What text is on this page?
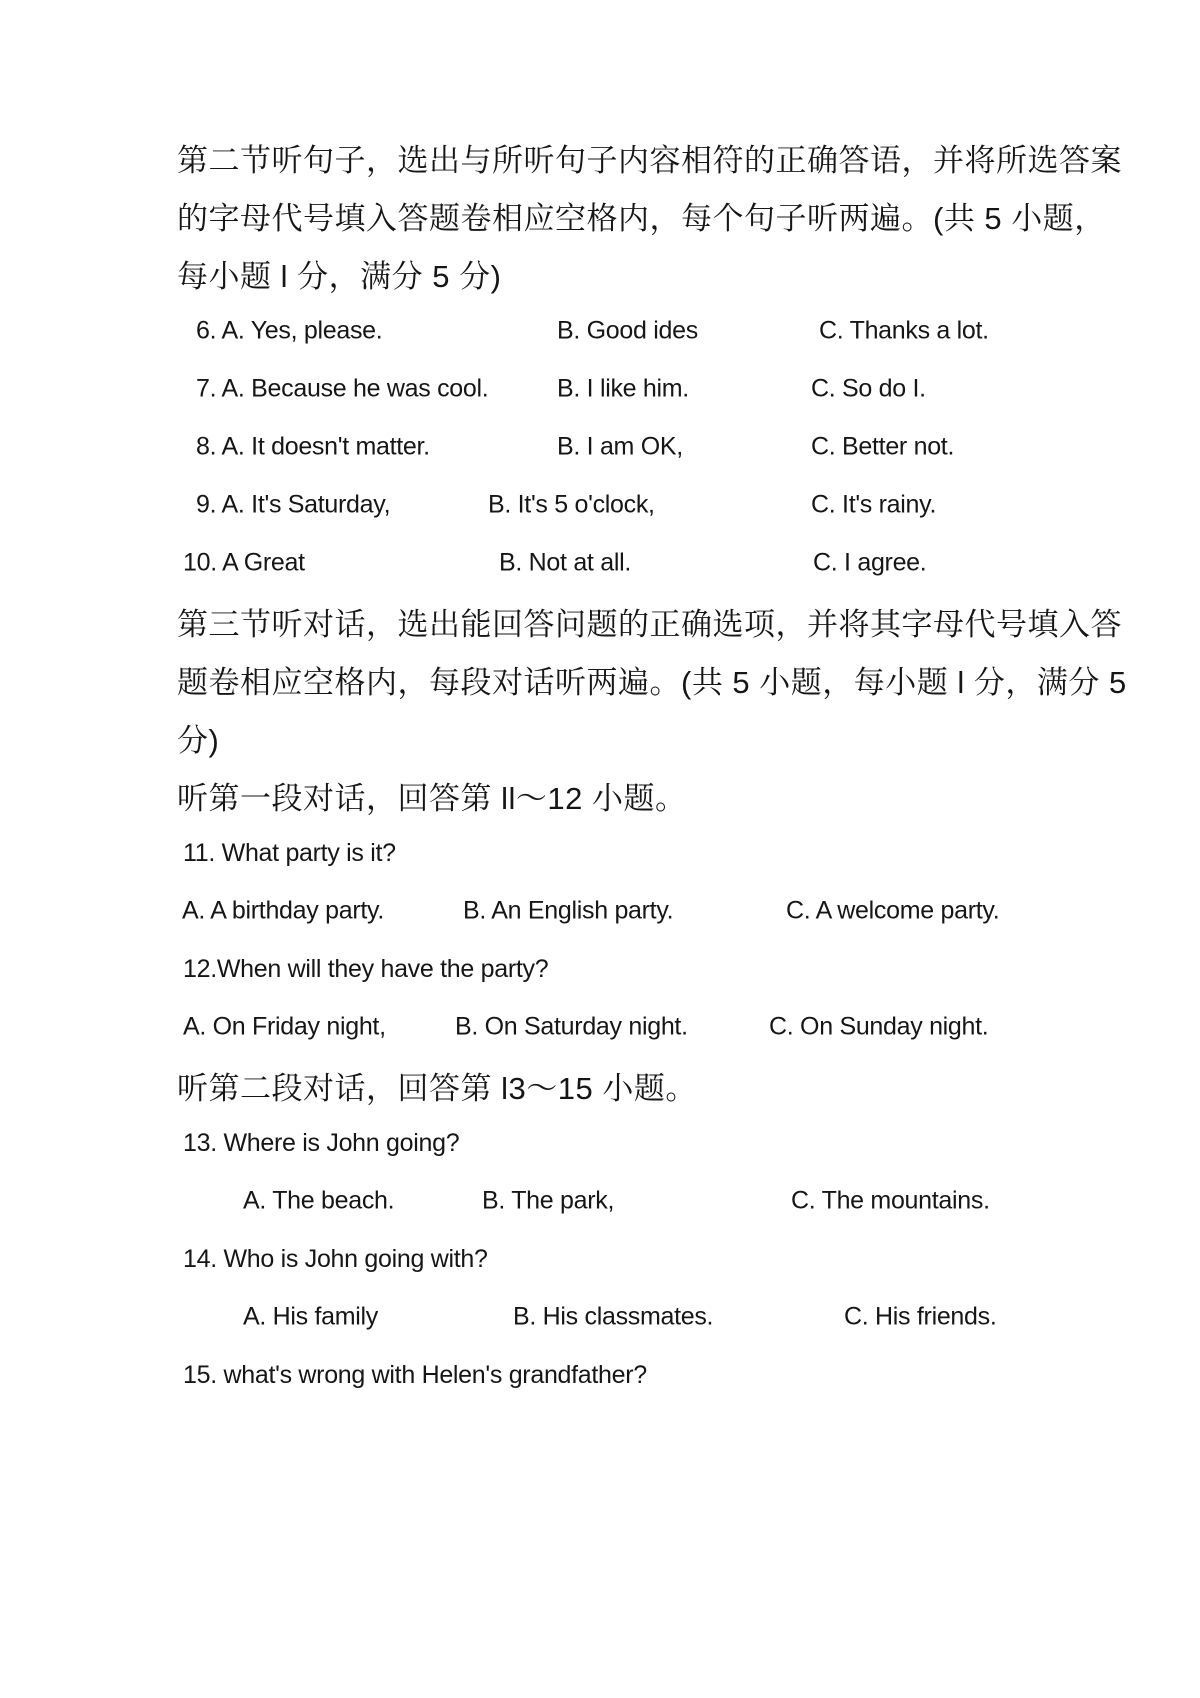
第二节听句子，选出与所听句子内容相符的正确答语，并将所选答案
的字母代号填入答题卷相应空格内，每个句子听两遍。(共 5 小题，
每小题 l 分，满分 5 分)
6. A. Yes, please.	B. Good ides	C. Thanks a lot.
7. A. Because he was cool.	B. I like him.	C. So do I.
8. A. It doesn't matter.	B. I am OK,	C. Better not.
9. A. It's Saturday,	B. It's 5 o'clock,	C. It's rainy.
10. A Great	B. Not at all.	C. I agree.
第三节听对话，选出能回答问题的正确选项，并将其字母代号填入答
题卷相应空格内，每段对话听两遍。(共 5 小题，每小题 l 分，满分 5
分)
听第一段对话，回答第 ll～12 小题。
11. What party is it?
A. A birthday party.	B. An English party.	C. A welcome party.
12.When will they have the party?
A. On Friday night,	B. On Saturday night.	C. On Sunday night.
听第二段对话，回答第 l3～15 小题。
13. Where is John going?
A. The beach.	B. The park,	C. The mountains.
14. Who is John going with?
A. His family	B. His classmates.	C. His friends.
15. what's wrong with Helen's grandfather?
